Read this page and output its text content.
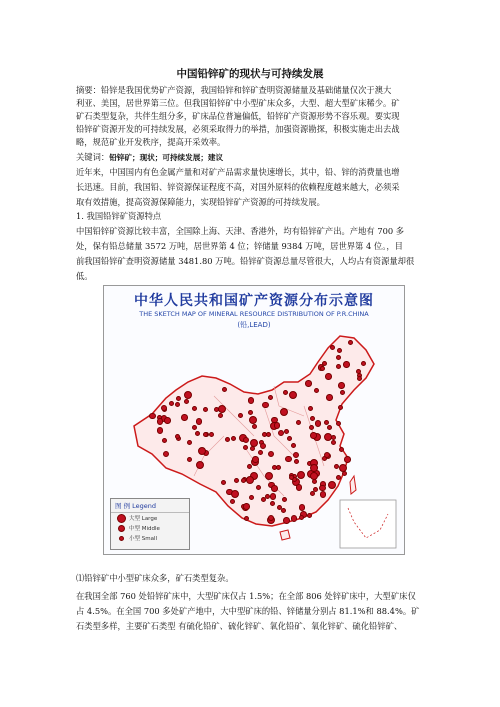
中国铅锌矿的现状与可持续发展
摘要：铅锌是我国优势矿产资源，我国铅锌和锌矿查明资源储量及基础储量仅次于澳大
利亚、美国，居世界第三位。但我国铅锌矿中小型矿床众多，大型、超大型矿床稀少。矿
矿石类型复杂，共伴生组分多，矿床品位普遍偏低，铅锌矿产资源形势不容乐观。要实现
铅锌矿资源开发的可持续发展，必须采取得力的举措，加强资源勘探，积极实施走出去战
略，规范矿业开发秩序，提高开采效率。
关键词：铅锌矿；现状；可持续发展；建议
近年来，中国国内有色金属产量和对矿产品需求量快速增长，其中，铅、锌的消费量也增
长迅速。目前，我国铅、锌资源保证程度不高，对国外原料的依赖程度越来越大，必须采
取有效措施，提高资源保障能力，实现铅锌矿产资源的可持续发展。
1. 我国铅锌矿资源特点
中国铅锌矿资源比较丰富，全国除上海、天津、香港外，均有铅锌矿产出。产地有 700 多
处，保有铅总储量 3572 万吨，居世界第 4 位；锌储量 9384 万吨，居世界第 4 位。，目
前我国铅锌矿查明资源储量 3481.80 万吨。铅锌矿资源总量尽管很大，人均占有资源量却很
低。
中华人民共和国矿产资源分布示意图
THE SKETCH MAP OF MINERAL RESOURCE DISTRIBUTION OF P.R.CHINA
(铅,LEAD)
图 例 Legend
大型 Large
中型 Middle
小型 Small
⑴铅锌矿中小型矿床众多，矿石类型复杂。
在我国全部 760 处铅锌矿床中，大型矿床仅占 1.5%；在全部 806 处锌矿床中，大型矿床仅
占 4.5%。在全国 700 多处矿产地中，大中型矿床的铅、锌储量分别占 81.1%和 88.4%。矿
石类型多样，主要矿石类型 有硫化铅矿、硫化锌矿、氧化铅矿、氧化锌矿、硫化铅锌矿、
